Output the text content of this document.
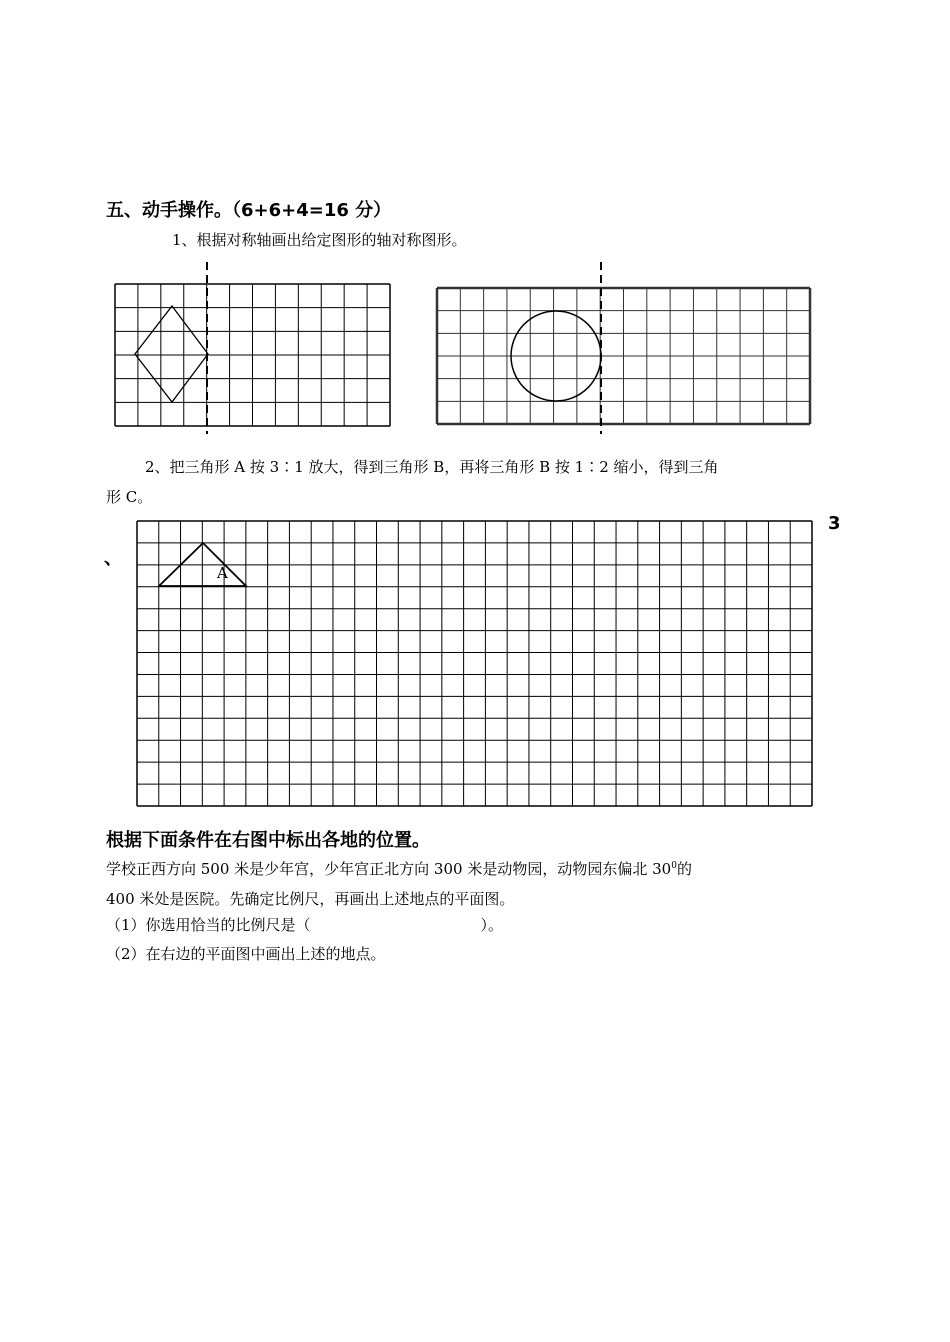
五、动手操作。（6+6+4=16 分）
1、根据对称轴画出给定图形的轴对称图形。
2、把三角形 A 按 3∶1 放大，得到三角形 B，再将三角形 B 按 1∶2 缩小，得到三角
形 C。
A
3
、
根据下面条件在右图中标出各地的位置。
学校正西方向 500 米是少年宫，少年宫正北方向 300 米是动物园，动物园东偏北 $30^0$的
400 米处是医院。先确定比例尺，再画出上述地点的平面图。
（1）你选用恰当的比例尺是（	）。
（2）在右边的平面图中画出上述的地点。
